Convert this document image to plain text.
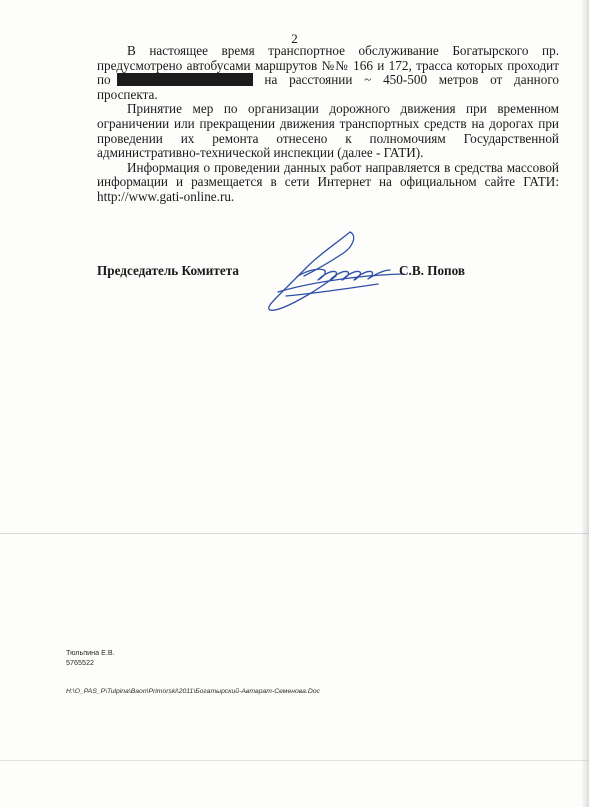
2

В настоящее время транспортное обслуживание Богатырского пр. предусмотрено автобусами маршрутов №№ 166 и 172, трасса которых проходит по	на расстоянии ~ 450-500 метров от данного проспекта.

Принятие мер по организации дорожного движения при временном ограничении или прекращении движения транспортных средств на дорогах при проведении их ремонта отнесено к полномочиям Государственной административно-технической инспекции (далее - ГАТИ).

Информация о проведении данных работ направляется в средства массовой информации и размещается в сети Интернет на официальном сайте ГАТИ: http://www.gati-online.ru.

Председатель Комитета	С.В. Попов
Тюльпина Е.В.
5765522
H:\O_PAS_P\Tulpina\Baon\Primorski\2011\Богатырский-Автарат-Семенова.Doc
